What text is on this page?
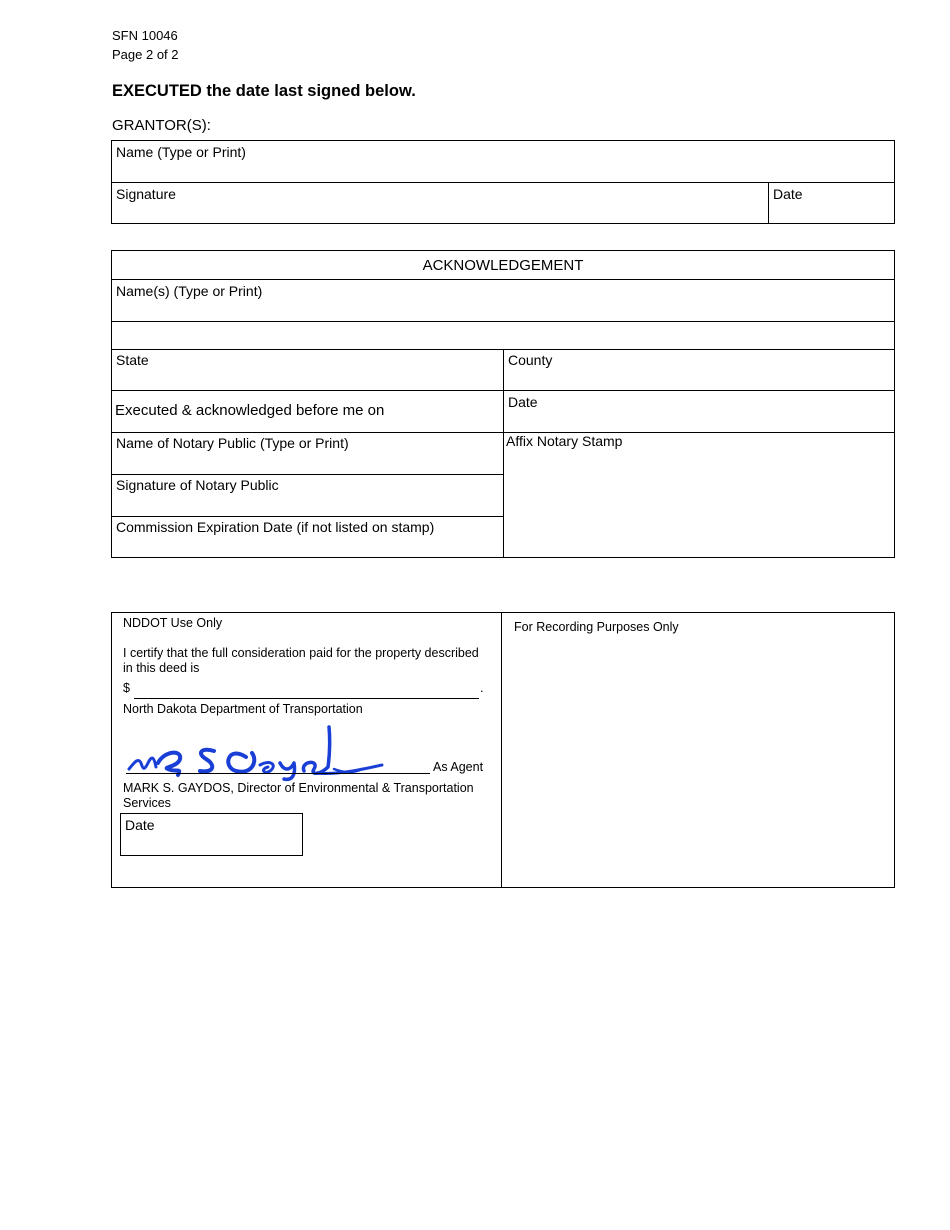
SFN 10046
Page 2 of 2
EXECUTED the date last signed below.
GRANTOR(S):
Name (Type or Print)
Signature	Date
ACKNOWLEDGEMENT
Name(s) (Type or Print)
State	County
Executed & acknowledged before me on	Date
Name of Notary Public (Type or Print)	Affix Notary Stamp
Signature of Notary Public
Commission Expiration Date (if not listed on stamp)
NDDOT Use Only
I certify that the full consideration paid for the property described in this deed is
$	.
North Dakota Department of Transportation
As Agent
MARK S. GAYDOS, Director of Environmental & Transportation Services
Date
For Recording Purposes Only
